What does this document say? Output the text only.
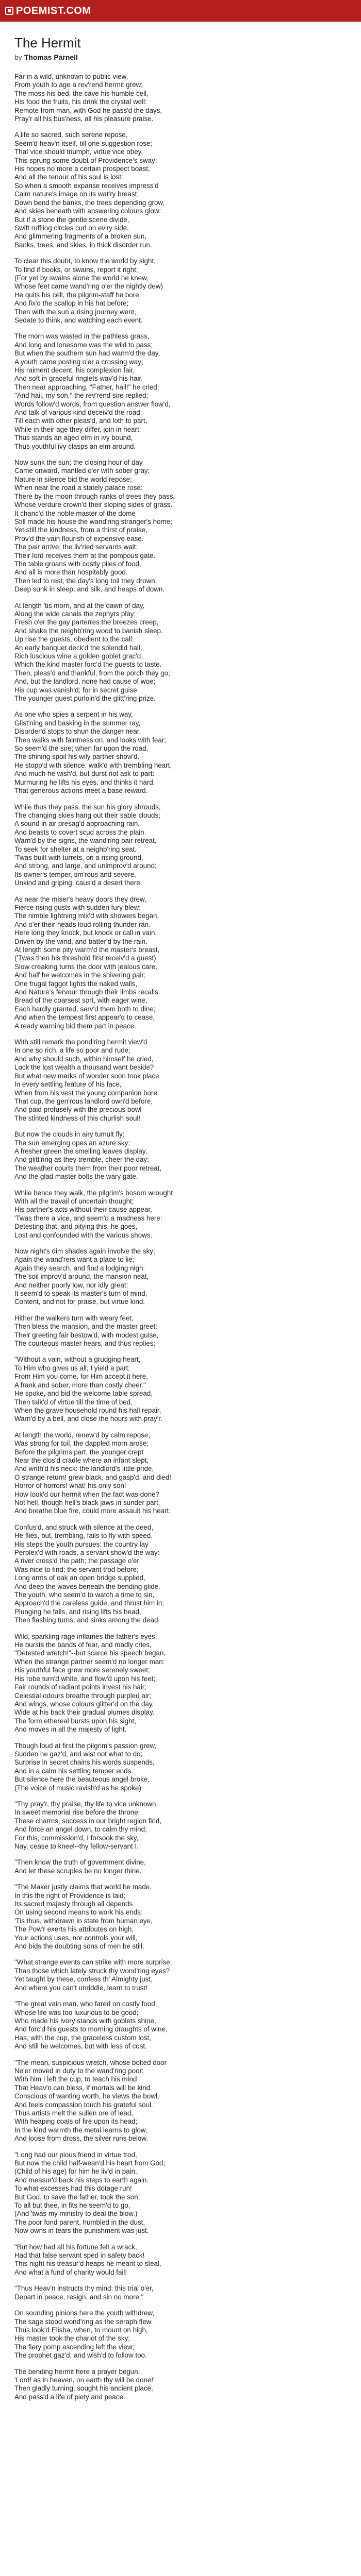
POEMIST.COM
The Hermit
by Thomas Parnell
Far in a wild, unknown to public view,
From youth to age a rev'rend hermit grew;
The moss his bed, the cave his humble cell,
His food the fruits, his drink the crystal well:
Remote from man, with God he pass'd the days,
Pray'r all his bus'ness, all his pleasure praise.
A life so sacred, such serene repose,
Seem'd heav'n itself, till one suggestion rose;
That vice should triumph, virtue vice obey,
This sprung some doubt of Providence's sway:
His hopes no more a certain prospect boast,
And all the tenour of his soul is lost:
So when a smooth expanse receives impress'd
Calm nature's image on its wat'ry breast,
Down bend the banks, the trees depending grow,
And skies beneath with answering colours glow:
But if a stone the gentle scene divide,
Swift ruffling circles curl on ev'ry side,
And glimmering fragments of a broken sun,
Banks, trees, and skies, in thick disorder run.
To clear this doubt, to know the world by sight,
To find if books, or swains, report it right;
(For yet by swains alone the world he knew,
Whose feet came wand'ring o'er the nightly dew)
He quits his cell, the pilgrim-staff he bore,
And fix'd the scallop in his hat before;
Then with the sun a rising journey went,
Sedate to think, and watching each event.
The morn was wasted in the pathless grass,
And long and lonesome was the wild to pass;
But when the southern sun had warm'd the day,
A youth came posting o'er a crossing way;
His raiment decent, his complexion fair,
And soft in graceful ringlets wav'd his hair.
Then near approaching, "Father, hail!" he cried;
"And hail, my son," the rev'rend sire replied;
Words follow'd words, from question answer flow'd,
And talk of various kind deceiv'd the road;
Till each with other pleas'd, and loth to part,
While in their age they differ, join in heart:
Thus stands an aged elm in ivy bound,
Thus youthful ivy clasps an elm around.
Now sunk the sun; the closing hour of day
Came onward, mantled o'er with sober gray;
Nature in silence bid the world repose;
When near the road a stately palace rose:
There by the moon through ranks of trees they pass,
Whose verdure crown'd their sloping sides of grass.
It chanc'd the noble master of the dome
Still made his house the wand'ring stranger's home;
Yet still the kindness, from a thirst of praise,
Prov'd the vain flourish of expensive ease.
The pair arrive: the liv'ried servants wait;
Their lord receives them at the pompous gate.
The table groans with costly piles of food,
And all is more than hospitably good.
Then led to rest, the day's long toil they drown,
Deep sunk in sleep, and silk, and heaps of down.
At length 'tis morn, and at the dawn of day,
Along the wide canals the zephyrs play;
Fresh o'er the gay parterres the breezes creep,
And shake the neighb'ring wood to banish sleep.
Up rise the guests, obedient to the call:
An early banquet deck'd the splendid hall;
Rich luscious wine a golden goblet grac'd,
Which the kind master forc'd the guests to taste.
Then, pleas'd and thankful, from the porch they go;
And, but the landlord, none had cause of woe;
His cup was vanish'd; for in secret guise
The younger guest purloin'd the glitt'ring prize.
As one who spies a serpent in his way,
Glist'ning and basking in the summer ray,
Disorder'd stops to shun the danger near,
Then walks with faintness on, and looks with fear;
So seem'd the sire; when far upon the road,
The shining spoil his wily partner show'd.
He stopp'd with silence, walk'd with trembling heart,
And much he wish'd, but durst not ask to part:
Murmuring he lifts his eyes, and thinks it hard,
That generous actions meet a base reward.
While thus they pass, the sun his glory shrouds,
The changing skies hang out their sable clouds;
A sound in air presag'd approaching rain,
And beasts to covert scud across the plain.
Warn'd by the signs, the wand'ring pair retreat,
To seek for shelter at a neighb'ring seat.
'Twas built with turrets, on a rising ground,
And strong, and large, and unimprov'd around;
Its owner's temper, tim'rous and severe,
Unkind and griping, caus'd a desert there.
As near the miser's heavy doors they drew,
Fierce rising gusts with sudden fury blew;
The nimble lightning mix'd with showers began,
And o'er their heads loud rolling thunder ran.
Here long they knock, but knock or call in vain,
Driven by the wind, and batter'd by the rain.
At length some pity warm'd the master's breast,
('Twas then his threshold first receiv'd a guest)
Slow creaking turns the door with jealous care,
And half he welcomes in the shivering pair;
One frugal faggot lights the naked walls,
And Nature's fervour through their limbs recalls:
Bread of the coarsest sort, with eager wine,
Each hardly granted, serv'd them both to dine;
And when the tempest first appear'd to cease,
A ready warning bid them part in peace.
With still remark the pond'ring hermit view'd
In one so rich, a life so poor and rude;
And why should such, within himself he cried,
Lock the lost wealth a thousand want beside?
But what new marks of wonder soon took place
In every settling feature of his face,
When from his vest the young companion bore
That cup, the gen'rous landlord own'd before,
And paid profusely with the precious bowl
The stinted kindness of this churlish soul!
But now the clouds in airy tumult fly;
The sun emerging opes an azure sky;
A fresher green the smelling leaves display,
And glitt'ring as they tremble, cheer the day:
The weather courts them from their poor retreat,
And the glad master bolts the wary gate.
While hence they walk, the pilgrim's bosom wrought
With all the travail of uncertain thought;
His partner's acts without their cause appear,
'Twas there a vice, and seem'd a madness here:
Detesting that, and pitying this, he goes,
Lost and confounded with the various shows.
Now night's dim shades again involve the sky;
Again the wand'rers want a place to lie;
Again they search, and find a lodging nigh:
The soil improv'd around, the mansion neat,
And neither poorly low, nor idly great:
It seem'd to speak its master's turn of mind,
Content, and not for praise, but virtue kind.
Hither the walkers turn with weary feet,
Then bless the mansion, and the master greet:
Their greeting fair bestow'd, with modest guise,
The courteous master hears, and thus replies:
"Without a vain, without a grudging heart,
To Him who gives us all, I yield a part;
From Him you come, for Him accept it here,
A frank and sober, more than costly cheer."
He spoke, and bid the welcome table spread,
Then talk'd of virtue till the time of bed,
When the grave household round his hall repair,
Warn'd by a bell, and close the hours with pray'r.
At length the world, renew'd by calm repose,
Was strong for toil, the dappled morn arose;
Before the pilgrims part, the younger crept
Near the clos'd cradle where an infant slept,
And writh'd his neck: the landlord's little pride,
O strange return! grew black, and gasp'd, and died!
Horror of horrors! what! his only son!
How look'd our hermit when the fact was done?
Not hell, though hell's black jaws in sunder part,
And breathe blue fire, could more assault his heart.
Confus'd, and struck with silence at the deed,
He flies, but, trembling, fails to fly with speed.
His steps the youth pursues: the country lay
Perplex'd with roads, a servant show'd the way:
A river cross'd the path; the passage o'er
Was nice to find; the servant trod before;
Long arms of oak an open bridge supplied,
And deep the waves beneath the bending glide.
The youth, who seem'd to watch a time to sin,
Approach'd the careless guide, and thrust him in;
Plunging he falls, and rising lifts his head,
Then flashing turns, and sinks among the dead.
Wild, sparkling rage inflames the father's eyes,
He bursts the bands of fear, and madly cries,
"Detested wretch!"--but scarce his speech began,
When the strange partner seem'd no longer man:
His youthful face grew more serenely sweet;
His robe turn'd white, and flow'd upon his feet;
Fair rounds of radiant points invest his hair;
Celestial odours breathe through purpled air;
And wings, whose colours glitter'd on the day,
Wide at his back their gradual plumes display.
The form ethereal bursts upon his sight,
And moves in all the majesty of light.
Though loud at first the pilgrim's passion grew,
Sudden he gaz'd, and wist not what to do;
Surprise in secret chains his words suspends,
And in a calm his settling temper ends.
But silence here the beauteous angel broke,
(The voice of music ravish'd as he spoke)
"Thy pray'r, thy praise, thy life to vice unknown,
In sweet memorial rise before the throne:
These charms, success in our bright region find,
And force an angel down, to calm thy mind;
For this, commission'd, I forsook the sky,
Nay, cease to kneel--thy fellow-servant I.
"Then know the truth of government divine,
And let these scruples be no longer thine.
"The Maker justly claims that world he made,
In this the right of Providence is laid;
Its sacred majesty through all depends
On using second means to work his ends:
'Tis thus, withdrawn in state from human eye,
The Pow'r exerts his attributes on high,
Your actions uses, nor controls your will,
And bids the doubting sons of men be still.
"What strange events can strike with more surprise,
Than those which lately struck thy wond'ring eyes?
Yet taught by these, confess th' Almighty just,
And where you can't unriddle, learn to trust!
"The great vain man, who fared on costly food,
Whose life was too luxurious to be good;
Who made his ivory stands with goblets shine,
And forc'd his guests to morning draughts of wine,
Has, with the cup, the graceless custom lost,
And still he welcomes, but with less of cost.
"The mean, suspicious wretch, whose bolted door
Ne'er moved in duty to the wand'ring poor;
With him I left the cup, to teach his mind
That Heav'n can bless, if mortals will be kind.
Conscious of wanting worth, he views the bowl,
And feels compassion touch his grateful soul.
Thus artists melt the sullen ore of lead,
With heaping coals of fire upon its head;
In the kind warmth the metal learns to glow,
And loose from dross, the silver runs below.
"Long had our pious friend in virtue trod,
But now the child half-wean'd his heart from God;
(Child of his age) for him he liv'd in pain,
And measur'd back his steps to earth again.
To what excesses had this dotage run!
But God, to save the father, took the son.
To all but thee, in fits he seem'd to go,
(And 'twas my ministry to deal the blow.)
The poor fond parent, humbled in the dust,
Now owns in tears the punishment was just.
"But how had all his fortune felt a wrack,
Had that false servant sped in safety back!
This night his treasur'd heaps he meant to steal,
And what a fund of charity would fail!
"Thus Heav'n instructs thy mind: this trial o'er,
Depart in peace, resign, and sin no more."
On sounding pinions here the youth withdrew,
The sage stood wond'ring as the seraph flew.
Thus look'd Elisha, when, to mount on high,
His master took the chariot of the sky;
The fiery pomp ascending left the view;
The prophet gaz'd, and wish'd to follow too.
The bending hermit here a prayer begun,
'Lord! as in heaven, on earth thy will be done!'
Then gladly turning, sought his ancient place,
And pass'd a life of piety and peace.
